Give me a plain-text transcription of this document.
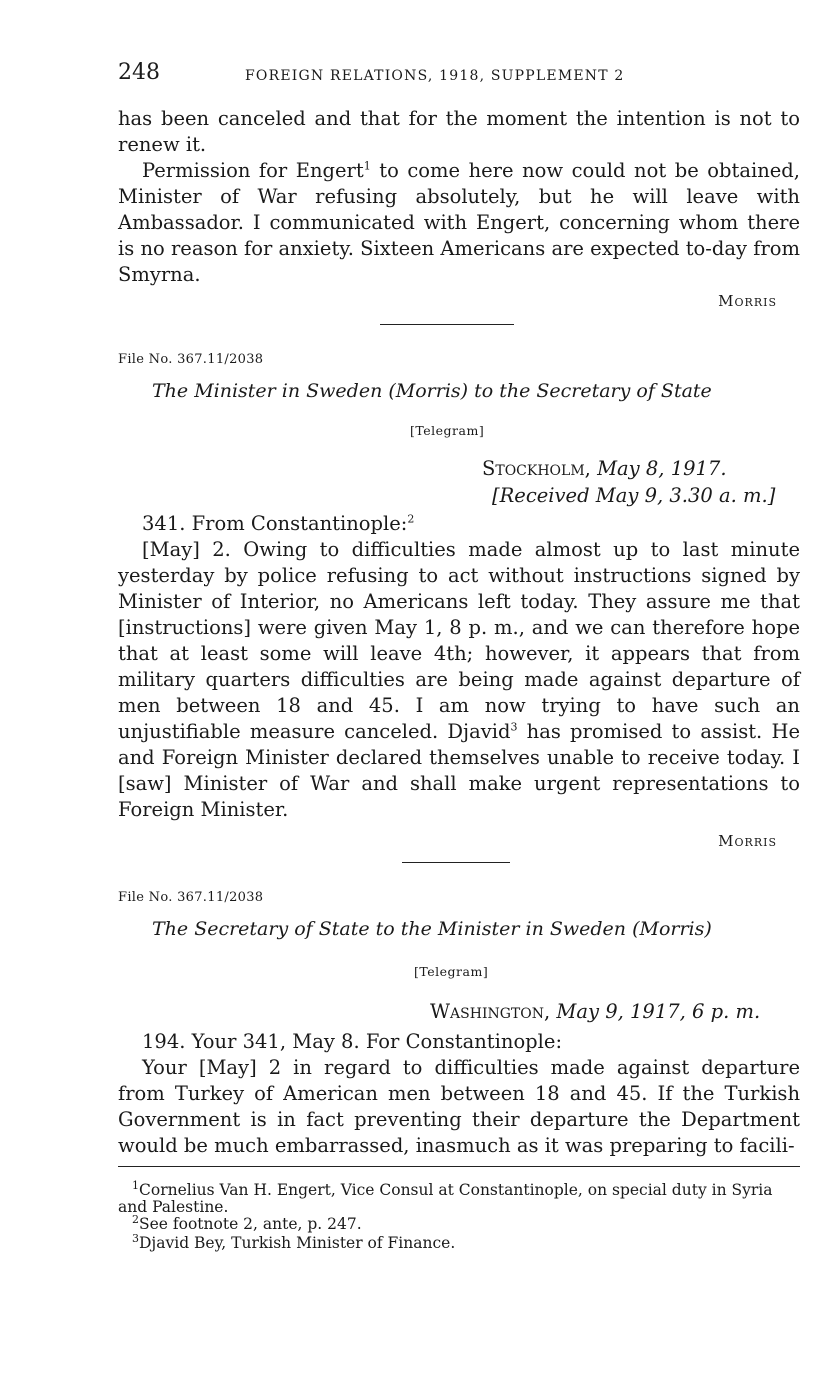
248	FOREIGN RELATIONS, 1918, SUPPLEMENT 2

has been canceled and that for the moment the intention is not to renew it.

Permission for Engert$^1$ to come here now could not be obtained, Minister of War refusing absolutely, but he will leave with Ambassador. I communicated with Engert, concerning whom there is no reason for anxiety. Sixteen Americans are expected to-day from Smyrna.

Morris
File No. 367.11/2038
The Minister in Sweden (Morris) to the Secretary of State
[Telegram]
Stockholm, May 8, 1917.
[Received May 9, 3.30 a. m.]

341. From Constantinople:$^2$

[May] 2. Owing to difficulties made almost up to last minute yesterday by police refusing to act without instructions signed by Minister of Interior, no Americans left today. They assure me that [instructions] were given May 1, 8 p. m., and we can therefore hope that at least some will leave 4th; however, it appears that from military quarters difficulties are being made against departure of men between 18 and 45. I am now trying to have such an unjustifiable measure canceled. Djavid$^3$ has promised to assist. He and Foreign Minister declared themselves unable to receive today. I [saw] Minister of War and shall make urgent representations to Foreign Minister.

Morris
File No. 367.11/2038
The Secretary of State to the Minister in Sweden (Morris)
[Telegram]
Washington, May 9, 1917, 6 p. m.

194. Your 341, May 8. For Constantinople:

Your [May] 2 in regard to difficulties made against departure from Turkey of American men between 18 and 45. If the Turkish Government is in fact preventing their departure the Department would be much embarrassed, inasmuch as it was preparing to facili-

$^1$Cornelius Van H. Engert, Vice Consul at Constantinople, on special duty in Syria and Palestine.

$^2$See footnote 2, ante, p. 247.

$^3$Djavid Bey, Turkish Minister of Finance.
